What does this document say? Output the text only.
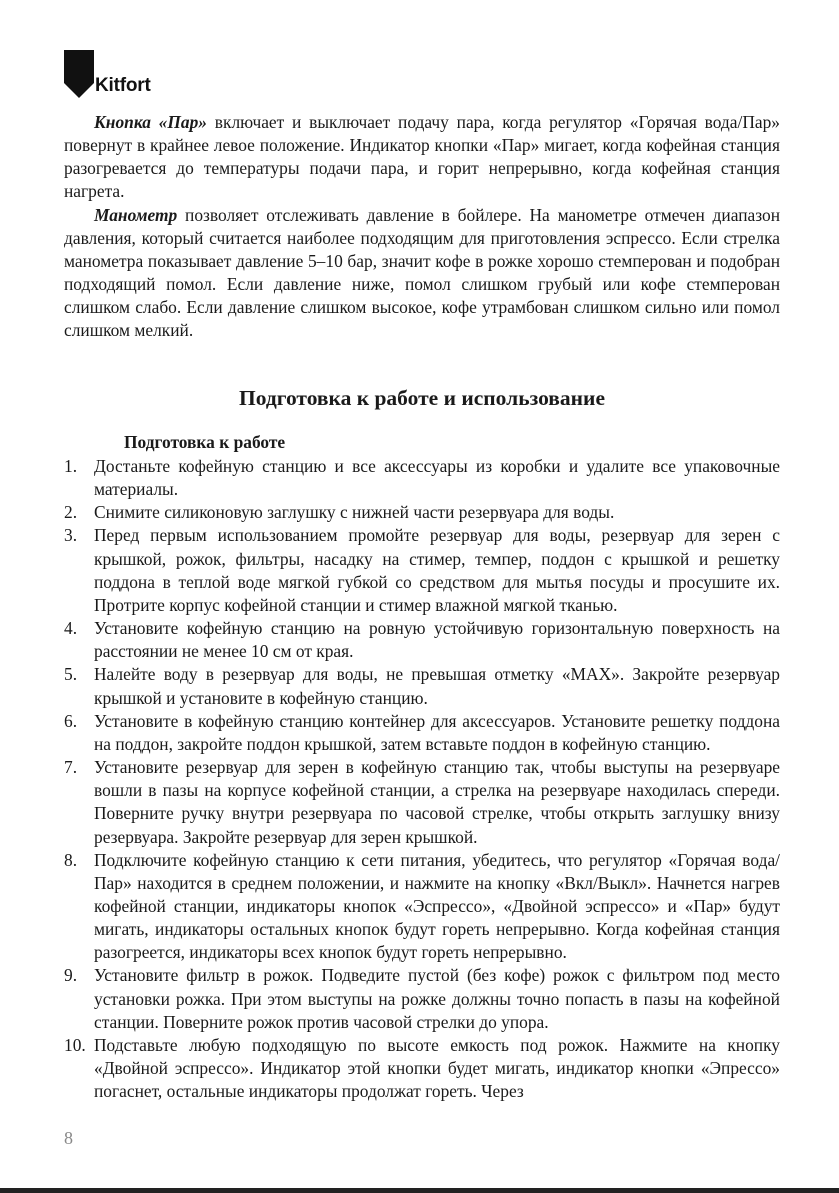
Kitfort

Кнопка «Пар» включает и выключает подачу пара, когда регулятор «Горячая вода/Пар» повернут в крайнее левое положение. Индикатор кнопки «Пар» мигает, когда кофейная станция разогревается до температуры подачи пара, и горит непрерывно, когда кофейная станция нагрета.

Манометр позволяет отслеживать давление в бойлере. На манометре отмечен диапазон давления, который считается наиболее подходящим для приготовления эспрессо. Если стрелка манометра показывает давление 5–10 бар, значит кофе в рожке хорошо стемперован и подобран подходящий помол. Если давление ниже, помол слишком грубый или кофе стемперован слишком слабо. Если давление слишком высокое, кофе утрамбован слишком сильно или помол слишком мелкий.

Подготовка к работе и использование

Подготовка к работе

1. Достаньте кофейную станцию и все аксессуары из коробки и удалите все упаковочные материалы.
2. Снимите силиконовую заглушку с нижней части резервуара для воды.
3. Перед первым использованием промойте резервуар для воды, резервуар для зерен с крышкой, рожок, фильтры, насадку на стимер, темпер, поддон с крышкой и решетку поддона в теплой воде мягкой губкой со средством для мытья посуды и просушите их. Протрите корпус кофейной станции и стимер влажной мягкой тканью.
4. Установите кофейную станцию на ровную устойчивую горизонтальную поверхность на расстоянии не менее 10 см от края.
5. Налейте воду в резервуар для воды, не превышая отметку «MAX». Закройте резервуар крышкой и установите в кофейную станцию.
6. Установите в кофейную станцию контейнер для аксессуаров. Установите решетку поддона на поддон, закройте поддон крышкой, затем вставьте поддон в кофейную станцию.
7. Установите резервуар для зерен в кофейную станцию так, чтобы выступы на резервуаре вошли в пазы на корпусе кофейной станции, а стрелка на резервуаре находилась спереди. Поверните ручку внутри резервуара по часовой стрелке, чтобы открыть заглушку внизу резервуара. Закройте резервуар для зерен крышкой.
8. Подключите кофейную станцию к сети питания, убедитесь, что регулятор «Горячая вода/Пар» находится в среднем положении, и нажмите на кнопку «Вкл/Выкл». Начнется нагрев кофейной станции, индикаторы кнопок «Эспрессо», «Двойной эспрессо» и «Пар» будут мигать, индикаторы остальных кнопок будут гореть непрерывно. Когда кофейная станция разогреется, индикаторы всех кнопок будут гореть непрерывно.
9. Установите фильтр в рожок. Подведите пустой (без кофе) рожок с фильтром под место установки рожка. При этом выступы на рожке должны точно попасть в пазы на кофейной станции. Поверните рожок против часовой стрелки до упора.
10. Подставьте любую подходящую по высоте емкость под рожок. Нажмите на кнопку «Двойной эспрессо». Индикатор этой кнопки будет мигать, индикатор кнопки «Эпрессо» погаснет, остальные индикаторы продолжат гореть. Через
8
